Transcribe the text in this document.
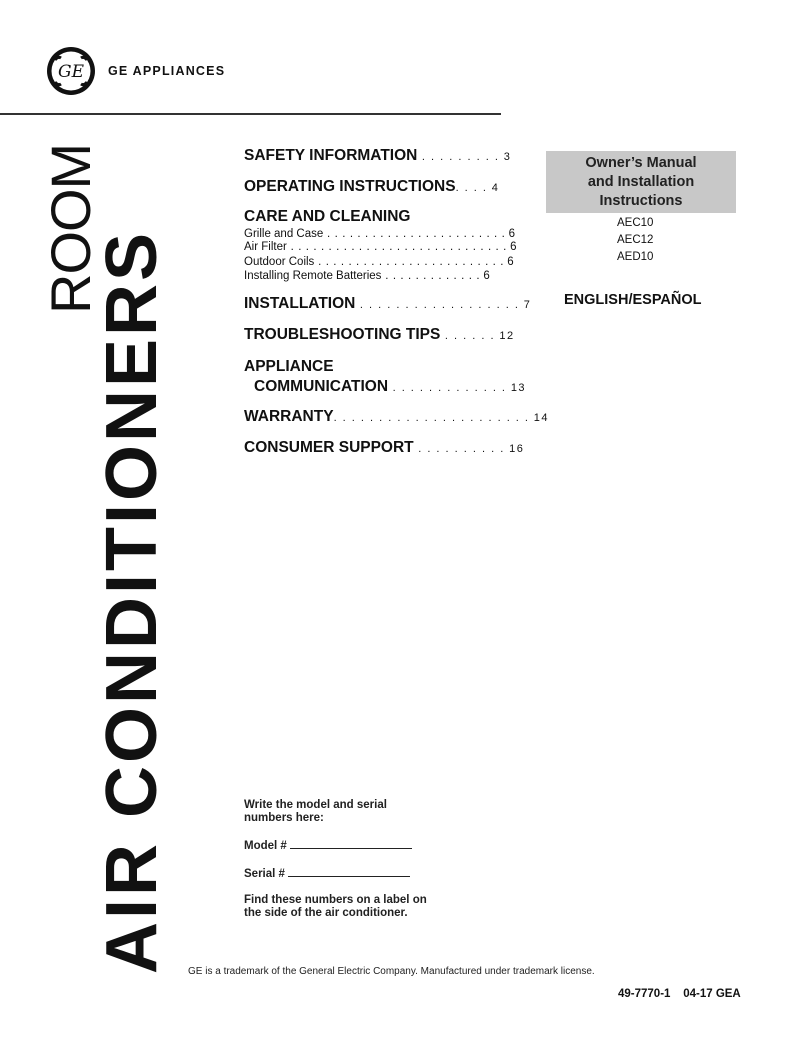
GE GE APPLIANCES
ROOM
AIR CONDITIONERS
SAFETY INFORMATION . . . . . . . . . 3
OPERATING INSTRUCTIONS. . . . 4
CARE AND CLEANING
Grille and Case . . . . . . . . . . . . . . . . . . . . . . . . 6
Air Filter . . . . . . . . . . . . . . . . . . . . . . . . . . . . . 6
Outdoor Coils . . . . . . . . . . . . . . . . . . . . . . . . . 6
Installing Remote Batteries . . . . . . . . . . . . . 6
INSTALLATION . . . . . . . . . . . . . . . . . . 7
TROUBLESHOOTING TIPS . . . . . . 12
APPLIANCE
COMMUNICATION . . . . . . . . . . . . . 13
WARRANTY. . . . . . . . . . . . . . . . . . . . . . 14
CONSUMER SUPPORT . . . . . . . . . . 16
Owner’s Manual
and Installation
Instructions
AEC10
AEC12
AED10
ENGLISH/ESPAÑOL
Write the model and serial
numbers here:
Model #
Serial #
Find these numbers on a label on
the side of the air conditioner.
GE is a trademark of the General Electric Company. Manufactured under trademark license.
49-7770-1    04-17 GEA
